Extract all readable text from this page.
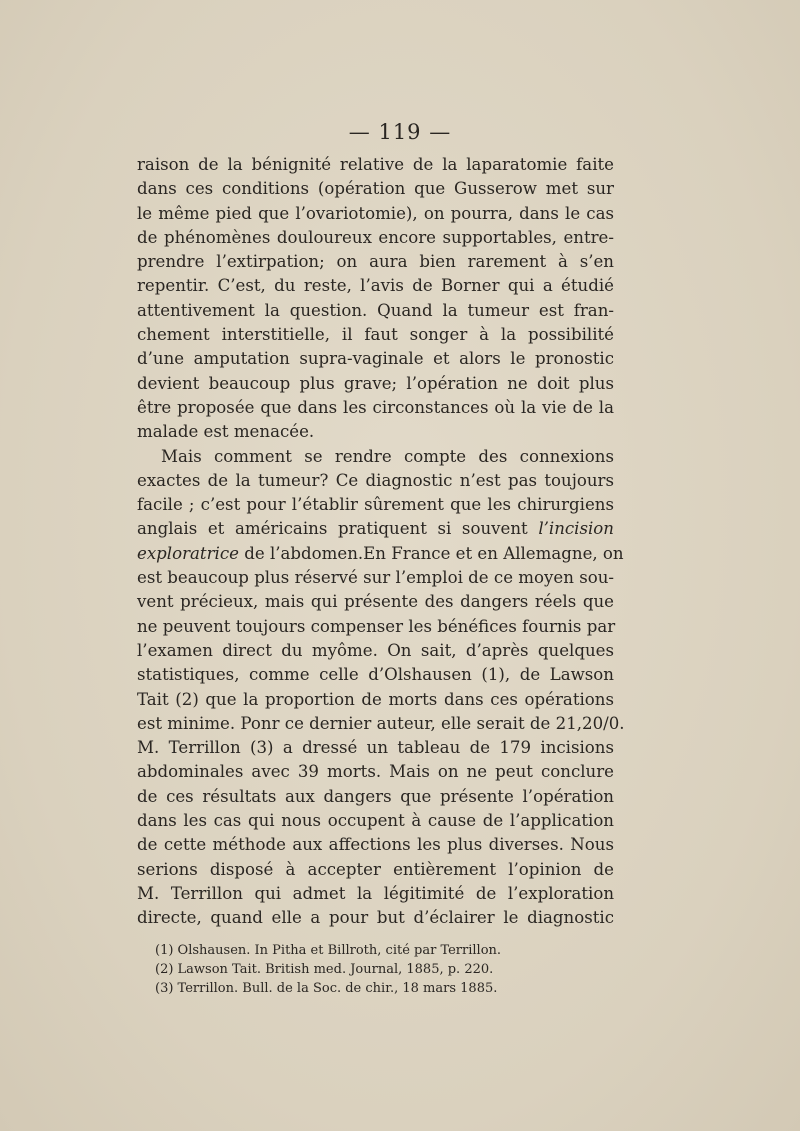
— 119 —
raison de la bénignité relative de la laparatomie faite
dans ces conditions (opération que Gusserow met sur
le même pied que l’ovariotomie), on pourra, dans le cas
de phénomènes douloureux encore supportables, entre-
prendre l’extirpation; on aura bien rarement à s’en
repentir. C’est, du reste, l’avis de Borner qui a étudié
attentivement la question. Quand la tumeur est fran-
chement interstitielle, il faut songer à la possibilité
d’une amputation supra-vaginale et alors le pronostic
devient beaucoup plus grave; l’opération ne doit plus
être proposée que dans les circonstances où la vie de la
malade est menacée.
Mais comment se rendre compte des connexions
exactes de la tumeur? Ce diagnostic n’est pas toujours
facile ; c’est pour l’établir sûrement que les chirurgiens
anglais et américains pratiquent si souvent l’incision
exploratrice de l’abdomen.En France et en Allemagne, on
est beaucoup plus réservé sur l’emploi de ce moyen sou-
vent précieux, mais qui présente des dangers réels que
ne peuvent toujours compenser les bénéfices fournis par
l’examen direct du myôme. On sait, d’après quelques
statistiques, comme celle d’Olshausen (1), de Lawson
Tait (2) que la proportion de morts dans ces opérations
est minime. Ponr ce dernier auteur, elle serait de 21,20/0.
M. Terrillon (3) a dressé un tableau de 179 incisions
abdominales avec 39 morts. Mais on ne peut conclure
de ces résultats aux dangers que présente l’opération
dans les cas qui nous occupent à cause de l’application
de cette méthode aux affections les plus diverses. Nous
serions disposé à accepter entièrement l’opinion de
M. Terrillon qui admet la légitimité de l’exploration
directe, quand elle a pour but d’éclairer le diagnostic
(1) Olshausen. In Pitha et Billroth, cité par Terrillon.
(2) Lawson Tait. British med. Journal, 1885, p. 220.
(3) Terrillon. Bull. de la Soc. de chir., 18 mars 1885.
